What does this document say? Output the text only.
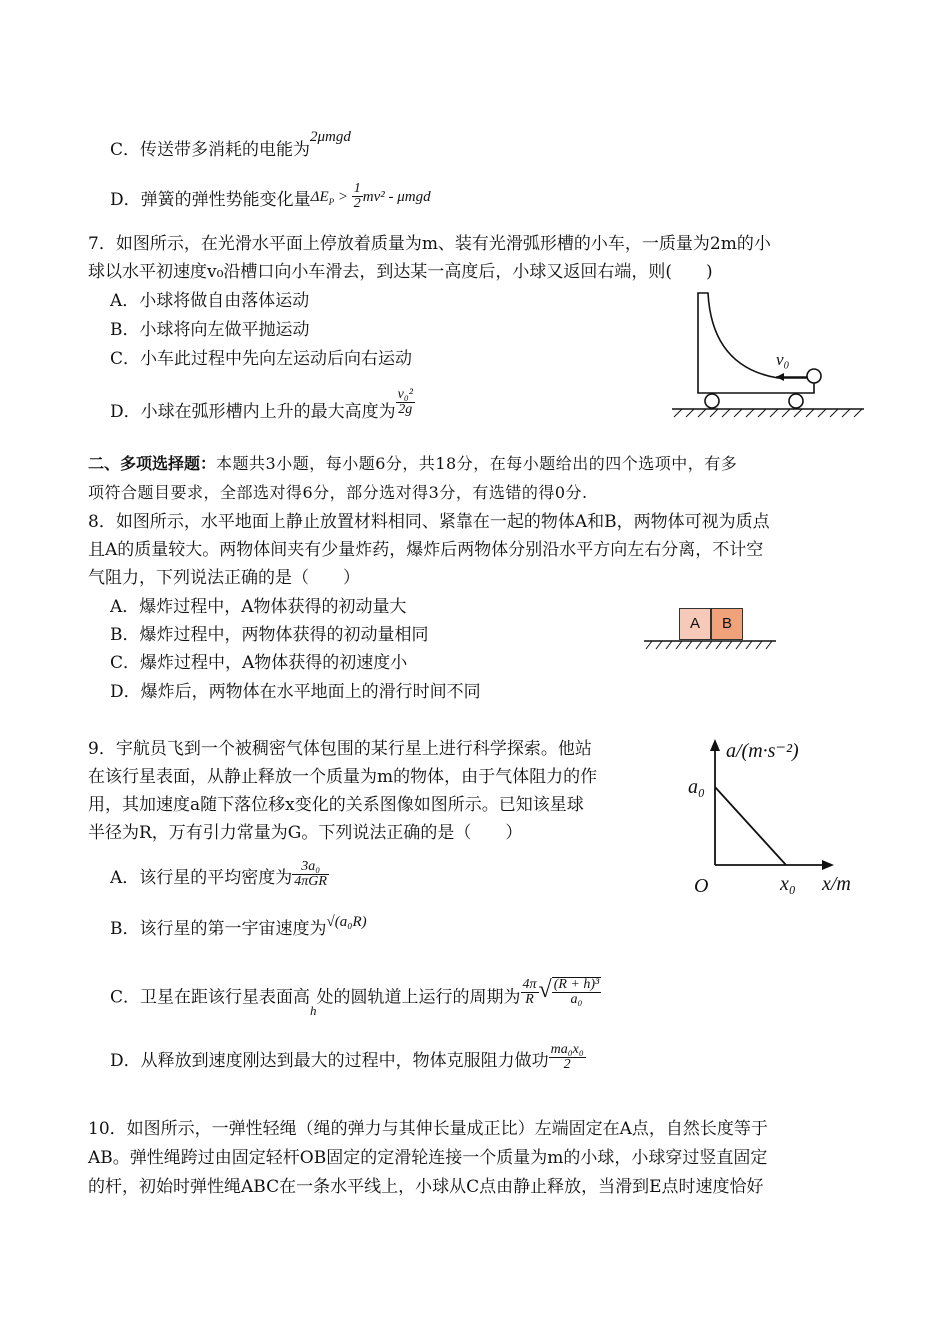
C．传送带多消耗的电能为2μmgd
D．弹簧的弹性势能变化量$\Delta E_P > \frac{1}{2} mv^2 - \mu mgd$
7．如图所示，在光滑水平面上停放着质量为m、装有光滑弧形槽的小车，一质量为2m的小
球以水平初速度v₀沿槽口向小车滑去，到达某一高度后，小球又返回右端，则(　　)
A．小球将做自由落体运动
B．小球将向左做平抛运动
C．小车此过程中先向左运动后向右运动
D．小球在弧形槽内上升的最大高度为 $\frac{\text{v₀²}}{2g}$
v₀
二、多项选择题：本题共3小题，每小题6分，共18分，在每小题给出的四个选项中，有多
项符合题目要求，全部选对得6分，部分选对得3分，有选错的得0分.
8．如图所示，水平地面上静止放置材料相同、紧靠在一起的物体A和B，两物体可视为质点
且A的质量较大。两物体间夹有少量炸药，爆炸后两物体分别沿水平方向左右分离，不计空
气阻力，下列说法正确的是（　　）
A．爆炸过程中，A物体获得的初动量大
B．爆炸过程中，两物体获得的初动量相同
C．爆炸过程中，A物体获得的初速度小
D．爆炸后，两物体在水平地面上的滑行时间不同
A	B
9．宇航员飞到一个被稠密气体包围的某行星上进行科学探索。他站
在该行星表面，从静止释放一个质量为m的物体，由于气体阻力的作
用，其加速度a随下落位移x变化的关系图像如图所示。已知该星球
半径为R，万有引力常量为G。下列说法正确的是（　　）
A．该行星的平均密度为 $\frac{\text{3a₀}}{\text{4πGR}}$
B．该行星的第一宇宙速度为√(a₀R)
C．卫星在距该行星表面高$_h$处的圆轨道上运行的周期为 $\frac{4\pi}{R}$ √ $\frac{\text{(R + h)³}}{\text{a₀}}$
D．从释放到速度刚达到最大的过程中，物体克服阻力做功 $\frac{\text{ma₀x₀}}{2}$
a/(m·s⁻²)
a₀
O	x₀ x/m
10．如图所示，一弹性轻绳（绳的弹力与其伸长量成正比）左端固定在A点，自然长度等于
AB。弹性绳跨过由固定轻杆OB固定的定滑轮连接一个质量为m的小球，小球穿过竖直固定
的杆，初始时弹性绳ABC在一条水平线上，小球从C点由静止释放，当滑到E点时速度恰好
